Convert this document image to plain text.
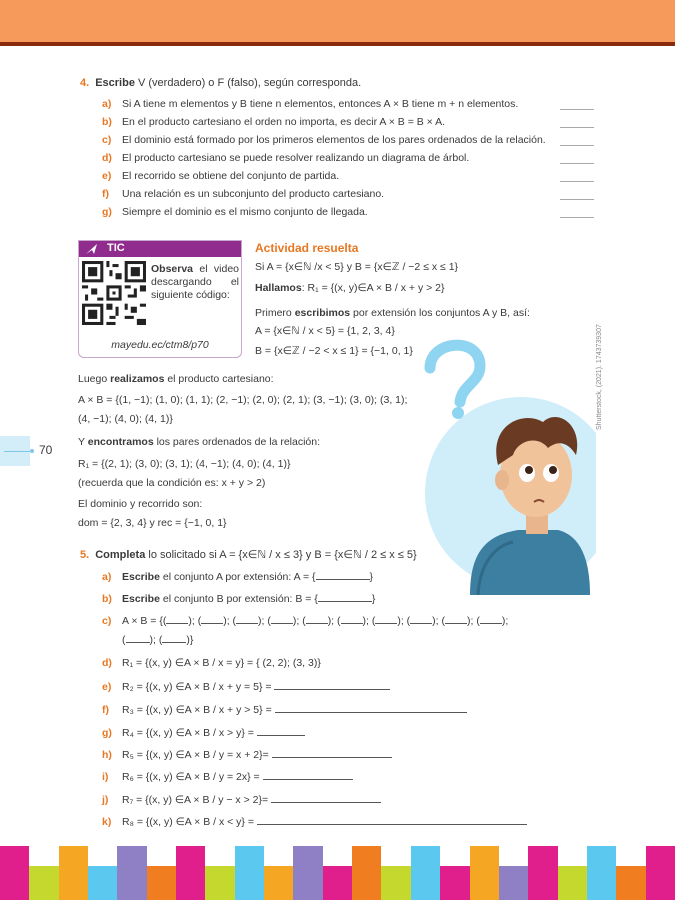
4. Escribe V (verdadero) o F (falso), según corresponda.
a) Si A tiene m elementos y B tiene n elementos, entonces A × B tiene m + n elementos.
b) En el producto cartesiano el orden no importa, es decir A × B = B × A.
c) El dominio está formado por los primeros elementos de los pares ordenados de la relación.
d) El producto cartesiano se puede resolver realizando un diagrama de árbol.
e) El recorrido se obtiene del conjunto de partida.
f) Una relación es un subconjunto del producto cartesiano.
g) Siempre el dominio es el mismo conjunto de llegada.
TIC
Observa el video descargando el siguiente código:
mayedu.ec/ctm8/p70
Actividad resuelta
Si A = {x∈ℕ /x < 5} y B = {x∈ℤ / −2 ≤ x ≤ 1}
Hallamos: R₁ = {(x, y)∈A × B / x + y > 2}
Primero escribimos por extensión los conjuntos A y B, así:
A = {x∈ℕ / x < 5} = {1, 2, 3, 4}
B = {x∈ℤ / −2 < x ≤ 1} = {−1, 0, 1}
Luego realizamos el producto cartesiano:
A × B = {(1, −1); (1, 0); (1, 1); (2, −1); (2, 0); (2, 1); (3, −1); (3, 0); (3, 1);
(4, −1); (4, 0); (4, 1)}
Y encontramos los pares ordenados de la relación:
R₁ = {(2, 1); (3, 0); (3, 1); (4, −1); (4, 0); (4, 1)}
(recuerda que la condición es: x + y > 2)
El dominio y recorrido son:
dom = {2, 3, 4} y rec = {−1, 0, 1}
70
Shutterstock, (2021). 1743739307
5. Completa lo solicitado si A = {x∈ℕ / x ≤ 3} y B = {x∈ℕ / 2 ≤ x ≤ 5}
a) Escribe el conjunto A por extensión: A = {	}
b) Escribe el conjunto B por extensión: B = {	}
c) A × B = {( ); ( ); ( ); ( ); ( ); ( ); ( ); ( ); ( ); ( );
( ); ( )}
d) R₁ = {(x, y) ∈A × B / x = y} = { (2, 2); (3, 3)}
e) R₂ = {(x, y) ∈A × B / x + y = 5} =
f) R₃ = {(x, y) ∈A × B / x + y > 5} =
g) R₄ = {(x, y) ∈A × B / x > y} =
h) R₅ = {(x, y) ∈A × B / y = x + 2}=
i) R₆ = {(x, y) ∈A × B / y = 2x} =
j) R₇ = {(x, y) ∈A × B / y − x > 2}=
k) R₈ = {(x, y) ∈A × B / x < y} =
